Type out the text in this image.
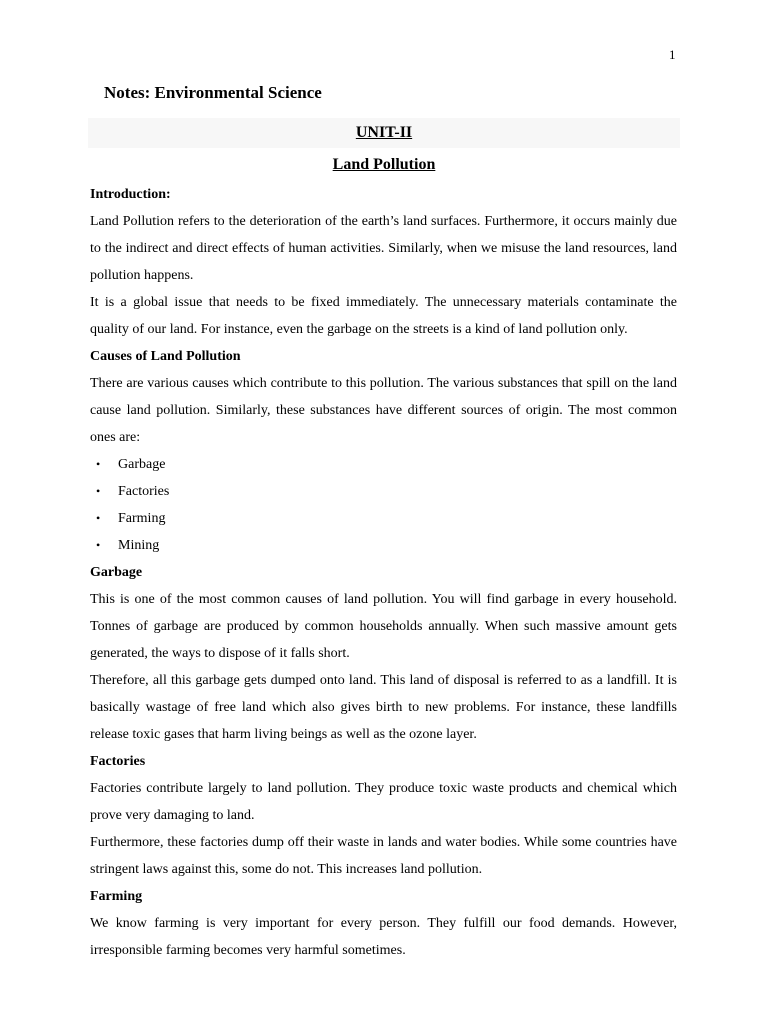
1
Notes: Environmental Science
UNIT-II
Land Pollution

Introduction:

Land Pollution refers to the deterioration of the earth’s land surfaces. Furthermore, it occurs mainly due to the indirect and direct effects of human activities. Similarly, when we misuse the land resources, land pollution happens.

It is a global issue that needs to be fixed immediately. The unnecessary materials contaminate the quality of our land. For instance, even the garbage on the streets is a kind of land pollution only.

Causes of Land Pollution

There are various causes which contribute to this pollution. The various substances that spill on the land cause land pollution. Similarly, these substances have different sources of origin. The most common ones are:

• Garbage
• Factories
• Farming
• Mining

Garbage

This is one of the most common causes of land pollution. You will find garbage in every household. Tonnes of garbage are produced by common households annually. When such massive amount gets generated, the ways to dispose of it falls short.

Therefore, all this garbage gets dumped onto land. This land of disposal is referred to as a landfill. It is basically wastage of free land which also gives birth to new problems. For instance, these landfills release toxic gases that harm living beings as well as the ozone layer.

Factories

Factories contribute largely to land pollution. They produce toxic waste products and chemical which prove very damaging to land.

Furthermore, these factories dump off their waste in lands and water bodies. While some countries have stringent laws against this, some do not. This increases land pollution.

Farming

We know farming is very important for every person. They fulfill our food demands. However, irresponsible farming becomes very harmful sometimes.
